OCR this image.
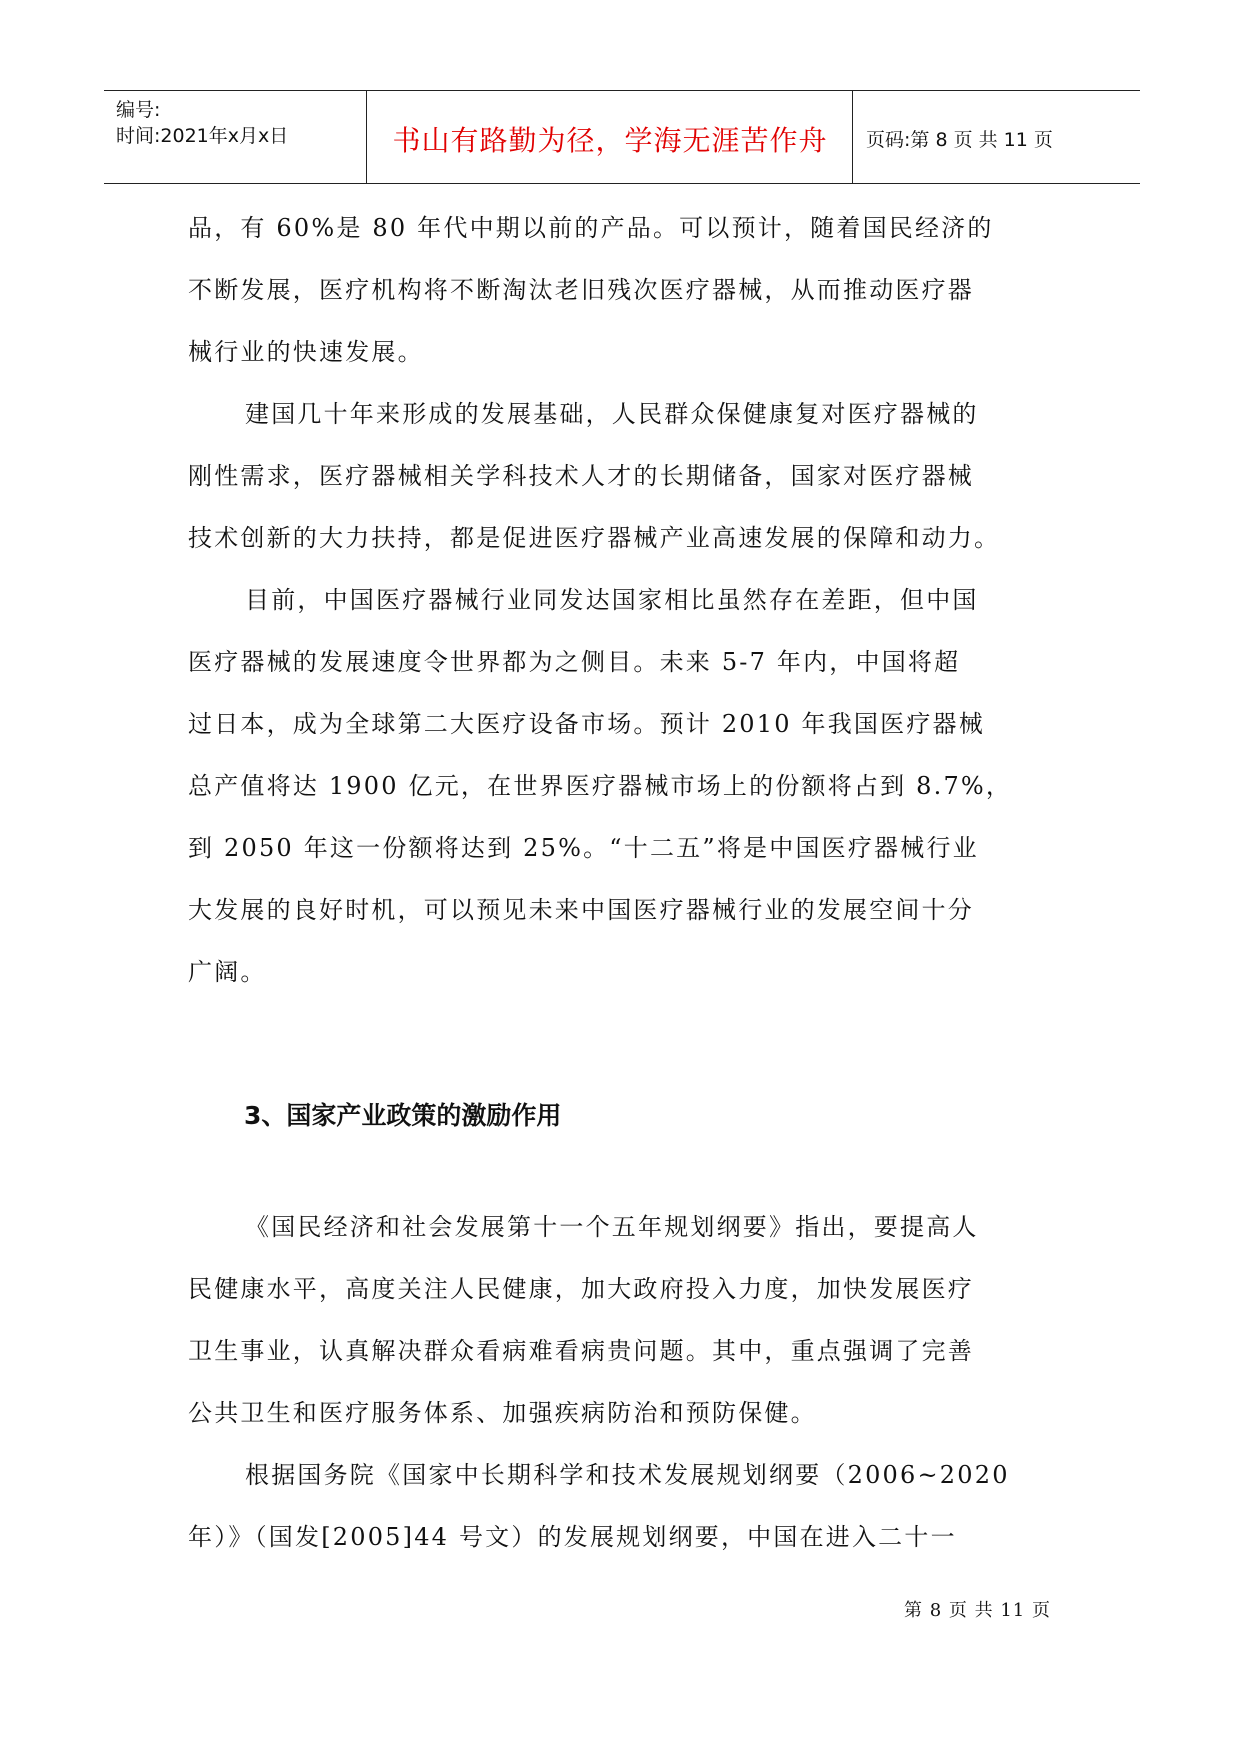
编号:
时间:2021年x月x日	书山有路勤为径，学海无涯苦作舟	页码:第 8 页 共 11 页
品，有 60%是 80 年代中期以前的产品。可以预计，随着国民经济的
不断发展，医疗机构将不断淘汰老旧残次医疗器械，从而推动医疗器
械行业的快速发展。
建国几十年来形成的发展基础，人民群众保健康复对医疗器械的
刚性需求，医疗器械相关学科技术人才的长期储备，国家对医疗器械
技术创新的大力扶持，都是促进医疗器械产业高速发展的保障和动力。
目前，中国医疗器械行业同发达国家相比虽然存在差距，但中国
医疗器械的发展速度令世界都为之侧目。未来 5-7 年内，中国将超
过日本，成为全球第二大医疗设备市场。预计 2010 年我国医疗器械
总产值将达 1900 亿元，在世界医疗器械市场上的份额将占到 8.7%，
到 2050 年这一份额将达到 25%。“十二五”将是中国医疗器械行业
大发展的良好时机，可以预见未来中国医疗器械行业的发展空间十分
广阔。
《国民经济和社会发展第十一个五年规划纲要》指出，要提高人
民健康水平，高度关注人民健康，加大政府投入力度，加快发展医疗
卫生事业，认真解决群众看病难看病贵问题。其中，重点强调了完善
公共卫生和医疗服务体系、加强疾病防治和预防保健。
根据国务院《国家中长期科学和技术发展规划纲要（2006~2020
年）》（国发[2005]44 号文）的发展规划纲要，中国在进入二十一
3、国家产业政策的激励作用
第 8 页 共 11 页
